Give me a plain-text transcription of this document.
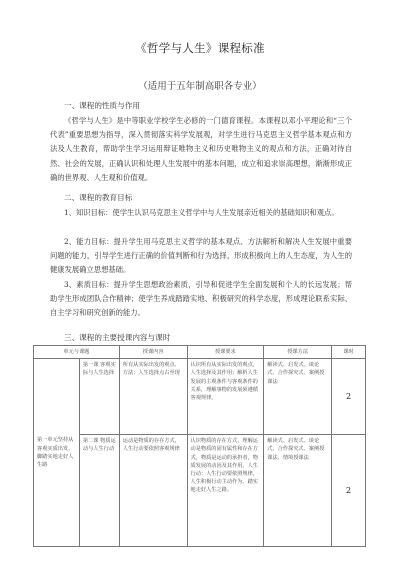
《哲学与人生》课程标准
（适用于五年制高职各专业）
一、课程的性质与作用
《哲学与人生》是中等职业学校学生必修的一门德育课程。本课程以邓小平理论和“三个代表”重要思想为指导，深入贯彻落实科学发展观，对学生进行马克思主义哲学基本观点和方法及人生教育，帮助学生学习运用辩证唯物主义和历史唯物主义的观点和方法，正确对待自然、社会的发展，正确认识和处理人生发展中的基本问题，成立和追求崇高理想，渐渐形成正确的世界观、人生观和价值观。
二、课程的教育目标
1、知识目标：使学生认识马克思主义哲学中与人生发展亲近相关的基础知识和观点。
2、能力目标：提升学生用马克思主义哲学的基本观点、方法解析和解决人生发展中重要问题的能力，引导学生进行正确的价值判断和行为选择，形成积极向上的人生态度，为人生的健康发展确立思想基础。
3、素质目标：提升学生思想政治素质，引导和促进学生全面发展和个人的长远发展；帮助学生形成团队合作精神；使学生养成踏踏实地、积极研究的科学态度，形成理论联系实际、自主学习和研究创新的能力。
三、课程的主要授课内容与课时
单元与课题		授课内容	授课要求	授课方法	课时
第一单元坚持从客观实质出发，脚踏实地走好人生路	第一课 客观实际与人生选择	所有从实际出发的观点、方法；人生选择点古至现	认识所有从实际出发的观点，人生选择及其作用；解析人生发展的主观条件与客观条件的关系，理解事物的发展须遵循客观规律。	解读式、启发式、谈论式、合作探究式、案例授课法	2
	第二课 物质运动与人生行动	运动是物质的存在方式，人生行动要依照客观规律	认识物质的存在方式，理解运动是物质的固有属性和存在方式，物质是运动的承担者，物质发展的动因及其作用。人生行动：人生行动要依照规律，人生积极行动主动作为，踏实地走好人生之路。	解读式、启发式、谈论式、合作探究式、案例授课法、情境授课法	2
